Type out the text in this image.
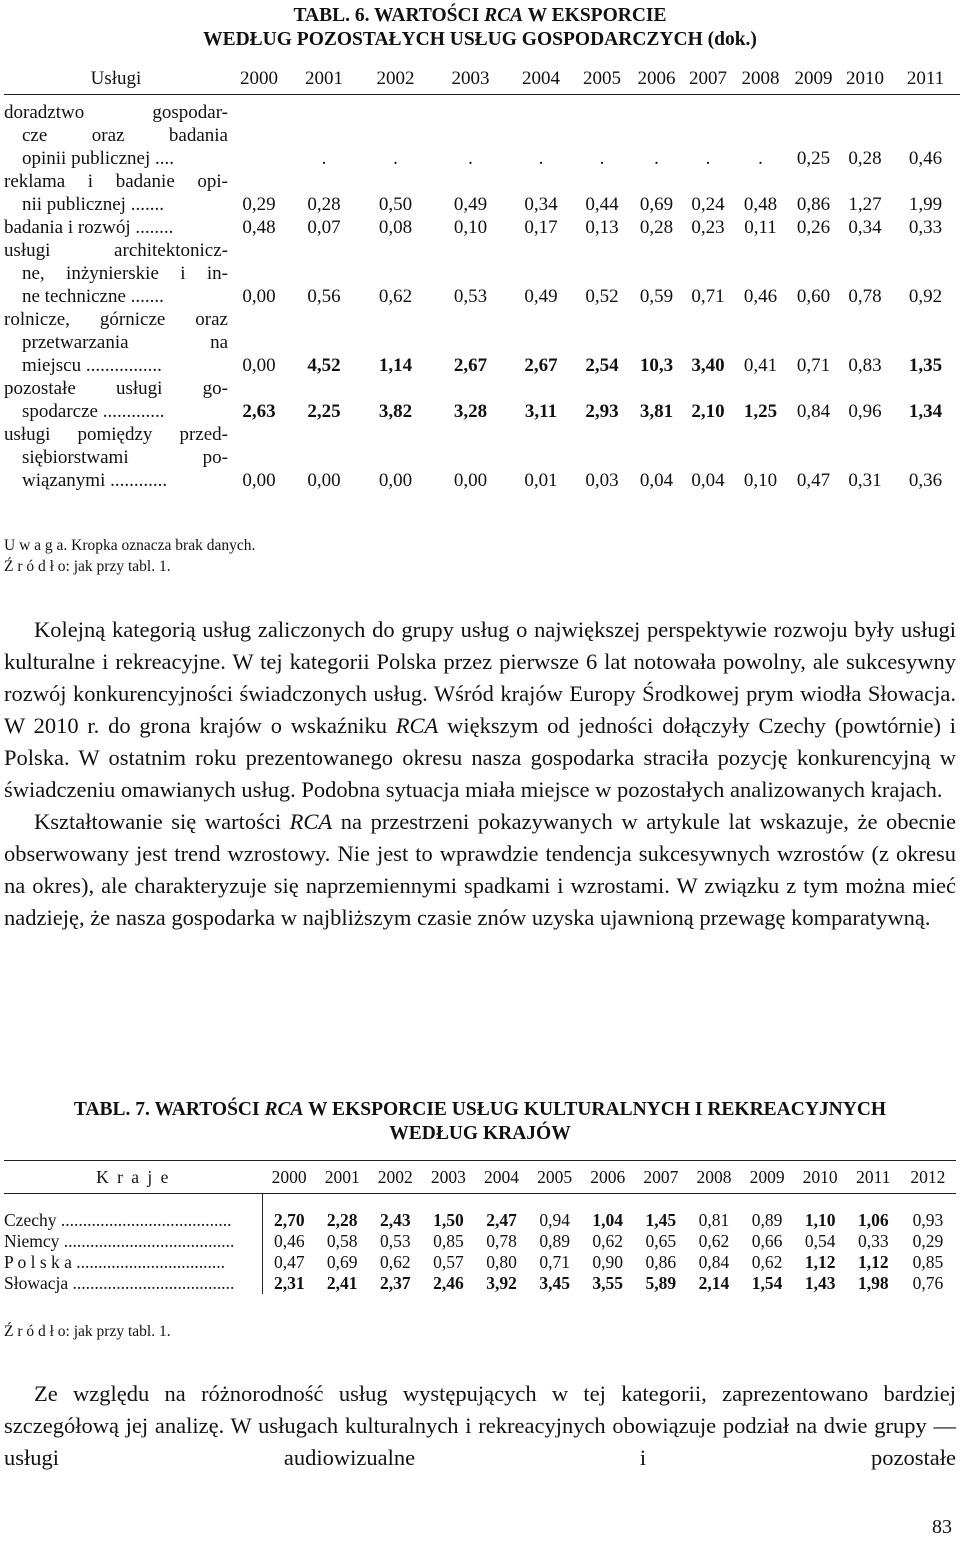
TABL. 6. WARTOŚCI RCA W EKSPORCIE
WEDŁUG POZOSTAŁYCH USŁUG GOSPODARCZYCH (dok.)
Usługi	2000	2001	2002	2003	2004	2005	2006	2007	2008	2009	2010	2011

doradztwo gospodar-
cze oraz badania
opinii publicznej ....		.	.	.	.	.	.	.	.	0,25	0,28	0,46

reklama i badanie opi-
nii publicznej .......	0,29	0,28	0,50	0,49	0,34	0,44	0,69	0,24	0,48	0,86	1,27	1,99

badania i rozwój ........	0,48	0,07	0,08	0,10	0,17	0,13	0,28	0,23	0,11	0,26	0,34	0,33

usługi architektonicz-
ne, inżynierskie i in-
ne techniczne .......	0,00	0,56	0,62	0,53	0,49	0,52	0,59	0,71	0,46	0,60	0,78	0,92

rolnicze, górnicze oraz
przetwarzania na
miejscu ................	0,00	4,52	1,14	2,67	2,67	2,54	10,3	3,40	0,41	0,71	0,83	1,35

pozostałe usługi go-
spodarcze .............	2,63	2,25	3,82	3,28	3,11	2,93	3,81	2,10	1,25	0,84	0,96	1,34

usługi pomiędzy przed-
siębiorstwami po-
wiązanymi ............	0,00	0,00	0,00	0,00	0,01	0,03	0,04	0,04	0,10	0,47	0,31	0,36
U w a g a. Kropka oznacza brak danych.
Ź r ó d ł o: jak przy tabl. 1.
Kolejną kategorią usług zaliczonych do grupy usług o największej perspektywie rozwoju były usługi kulturalne i rekreacyjne. W tej kategorii Polska przez pierwsze 6 lat notowała powolny, ale sukcesywny rozwój konkurencyjności świadczonych usług. Wśród krajów Europy Środkowej prym wiodła Słowacja. W 2010 r. do grona krajów o wskaźniku RCA większym od jedności dołączyły Czechy (powtórnie) i Polska. W ostatnim roku prezentowanego okresu nasza gospodarka straciła pozycję konkurencyjną w świadczeniu omawianych usług. Podobna sytuacja miała miejsce w pozostałych analizowanych krajach.
Kształtowanie się wartości RCA na przestrzeni pokazywanych w artykule lat wskazuje, że obecnie obserwowany jest trend wzrostowy. Nie jest to wprawdzie tendencja sukcesywnych wzrostów (z okresu na okres), ale charakteryzuje się naprzemiennymi spadkami i wzrostami. W związku z tym można mieć nadzieję, że nasza gospodarka w najbliższym czasie znów uzyska ujawnioną przewagę komparatywną.
TABL. 7. WARTOŚCI RCA W EKSPORCIE USŁUG KULTURALNYCH I REKREACYJNYCH
WEDŁUG KRAJÓW
K r a j e	2000	2001	2002	2003	2004	2005	2006	2007	2008	2009	2010	2011	2012
Czechy .......................................	2,70	2,28	2,43	1,50	2,47	0,94	1,04	1,45	0,81	0,89	1,10	1,06	0,93
Niemcy .......................................	0,46	0,58	0,53	0,85	0,78	0,89	0,62	0,65	0,62	0,66	0,54	0,33	0,29
P o l s k a ..................................	0,47	0,69	0,62	0,57	0,80	0,71	0,90	0,86	0,84	0,62	1,12	1,12	0,85
Słowacja .....................................	2,31	2,41	2,37	2,46	3,92	3,45	3,55	5,89	2,14	1,54	1,43	1,98	0,76
Ź r ó d ł o: jak przy tabl. 1.
Ze względu na różnorodność usług występujących w tej kategorii, zaprezentowano bardziej szczegółową jej analizę. W usługach kulturalnych i rekreacyjnych obowiązuje podział na dwie grupy — usługi audiowizualne i pozostałe
83
